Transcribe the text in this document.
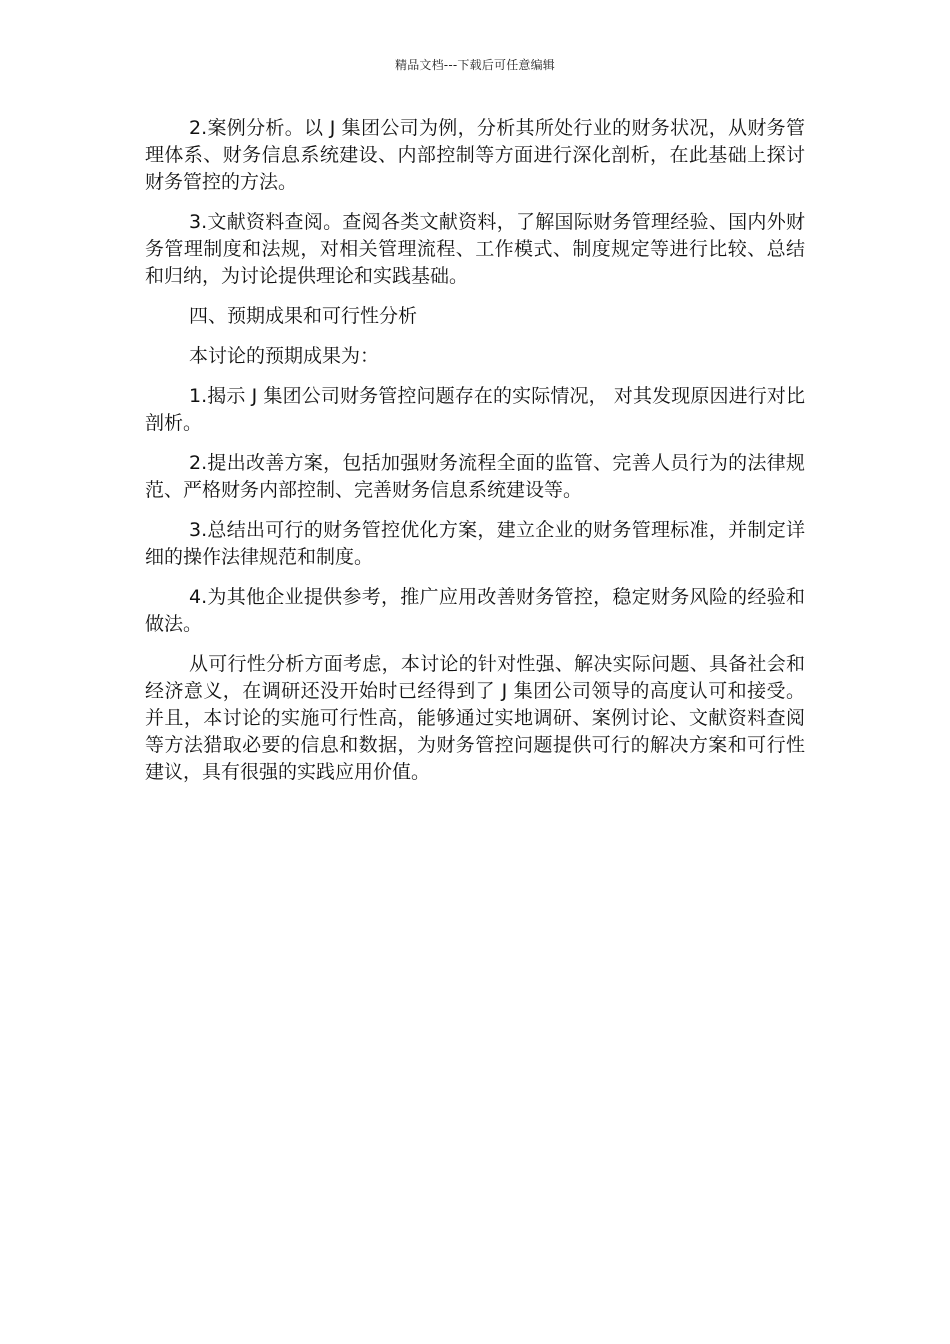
精品文档---下载后可任意编辑

2.案例分析。以 J 集团公司为例，分析其所处行业的财务状况，从财务管理体系、财务信息系统建设、内部控制等方面进行深化剖析，在此基础上探讨财务管控的方法。

3.文献资料查阅。查阅各类文献资料，了解国际财务管理经验、国内外财务管理制度和法规，对相关管理流程、工作模式、制度规定等进行比较、总结和归纳，为讨论提供理论和实践基础。

四、预期成果和可行性分析

本讨论的预期成果为：

1.揭示 J 集团公司财务管控问题存在的实际情况， 对其发现原因进行对比剖析。

2.提出改善方案，包括加强财务流程全面的监管、完善人员行为的法律规范、严格财务内部控制、完善财务信息系统建设等。

3.总结出可行的财务管控优化方案，建立企业的财务管理标准，并制定详细的操作法律规范和制度。

4.为其他企业提供参考，推广应用改善财务管控，稳定财务风险的经验和做法。

从可行性分析方面考虑，本讨论的针对性强、解决实际问题、具备社会和经济意义，在调研还没开始时已经得到了 J 集团公司领导的高度认可和接受。并且，本讨论的实施可行性高，能够通过实地调研、案例讨论、文献资料查阅等方法猎取必要的信息和数据，为财务管控问题提供可行的解决方案和可行性建议，具有很强的实践应用价值。
